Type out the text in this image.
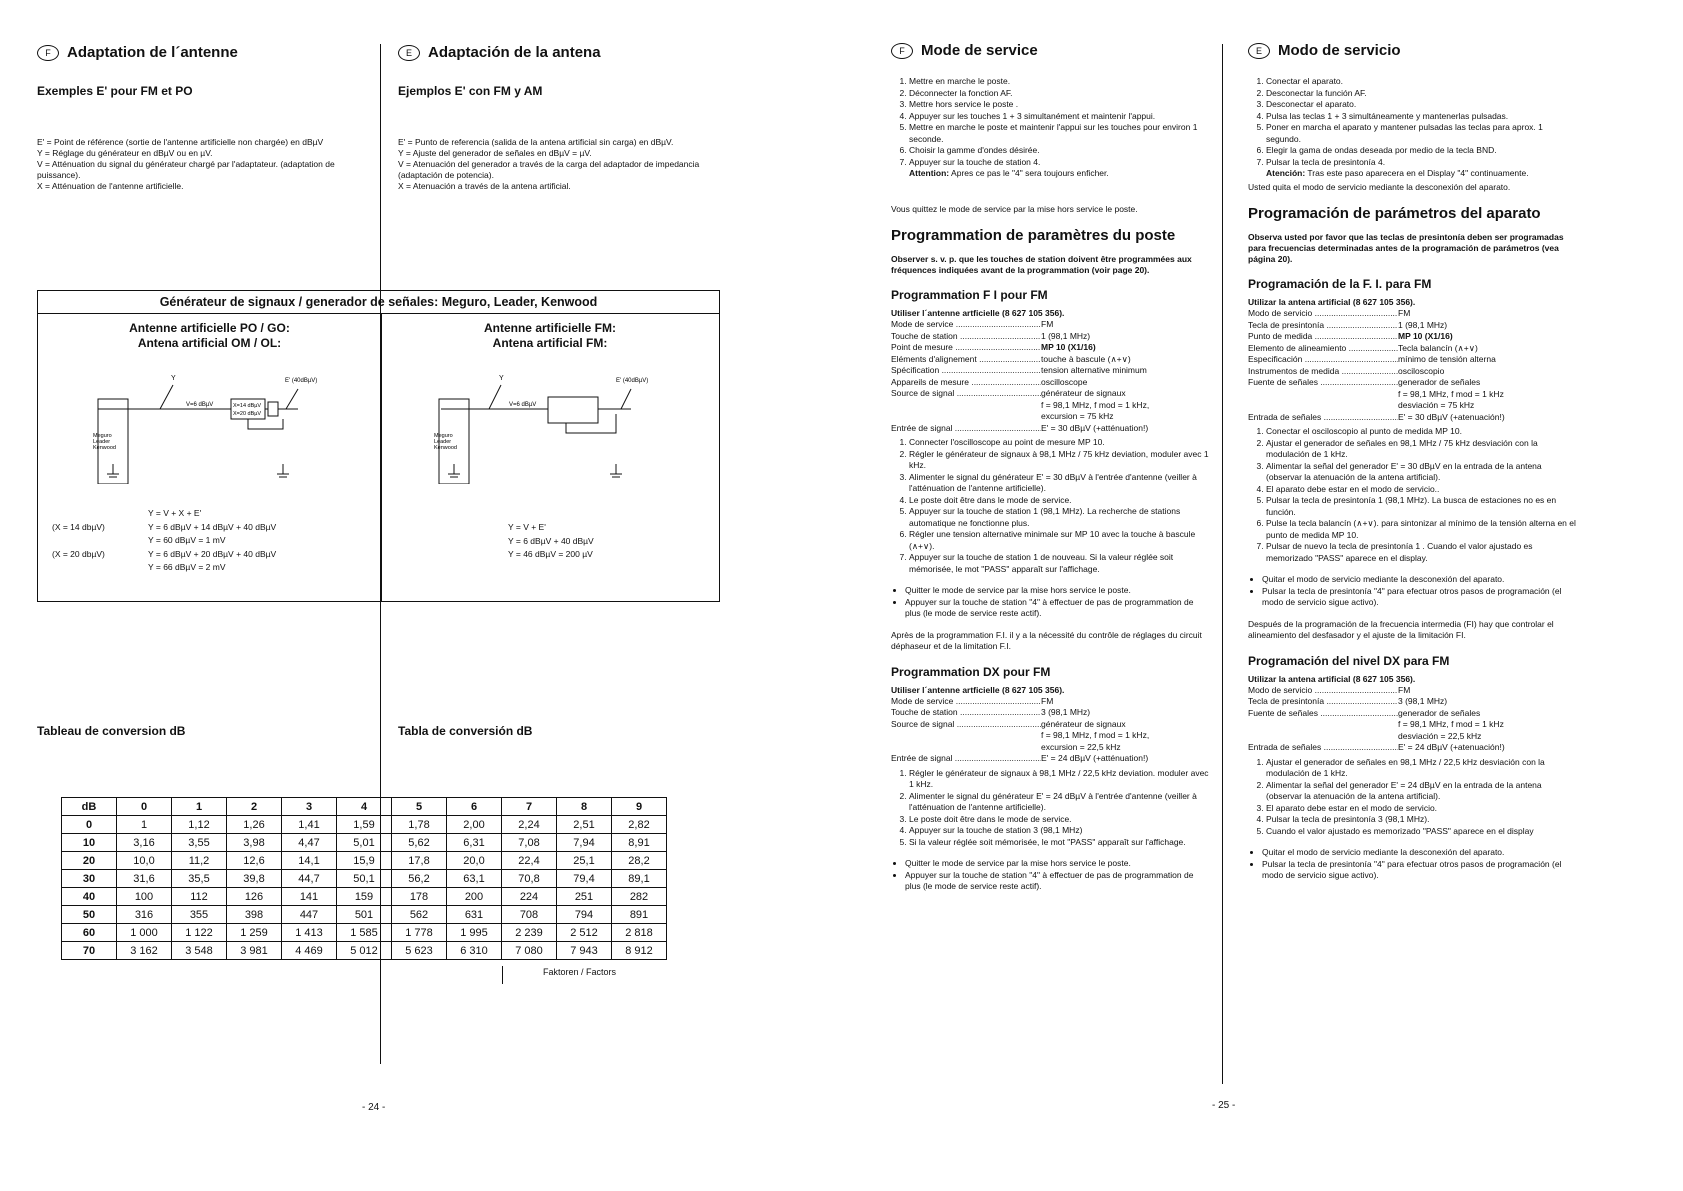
F	Adaptation de l´antenne	E	Adaptación de la antena
Exemples E' pour FM et PO	Ejemplos E' con FM y AM

E' = Point de référence (sortie de l'antenne artificielle non chargée) en dBµV

Y = Réglage du générateur en dBµV ou en µV.

V = Atténuation du signal du générateur chargé par l'adaptateur. (adaptation de puissance).

X = Atténuation de l'antenne artificielle.

E' = Punto de referencia (salida de la antena artificial sin carga) en dBµV.

Y = Ajuste del generador de señales en dBµV = µV.

V = Atenuación del generador a través de la carga del adaptador de impedancia (adaptación de potencia).

X = Atenuación a través de la antena artificial.

Générateur de signaux / generador de señales: Meguro, Leader, Kenwood
Antenne artificielle PO / GO:
Antena artificial OM / OL:
Antenne artificielle FM:
Antena artificial FM:
Y
V=6 dBµV	X=14 dBµV
X=20 dBµV
E' (40dBµV)
Meguro
Leader
Kenwood
Y
V=6 dBµV
E' (40dBµV)
Meguro
Leader
Kenwood
Y = V + X + E'
(X = 14 dbµV)	Y = 6 dBµV + 14 dBµV + 40 dBµV
Y = 60 dBµV = 1 mV
(X = 20 dbµV)	Y = 6 dBµV + 20 dBµV + 40 dBµV
Y = 66 dBµV = 2 mV
Y = V + E'
Y = 6 dBµV + 40 dBµV
Y = 46 dBµV = 200 µV
Tableau de conversion dB	Tabla de conversión dB
dB	0	1	2	3	4	5	6	7	8	9
0	1	1,12	1,26	1,41	1,59	1,78	2,00	2,24	2,51	2,82
10	3,16	3,55	3,98	4,47	5,01	5,62	6,31	7,08	7,94	8,91
20	10,0	11,2	12,6	14,1	15,9	17,8	20,0	22,4	25,1	28,2
30	31,6	35,5	39,8	44,7	50,1	56,2	63,1	70,8	79,4	89,1
40	100	112	126	141	159	178	200	224	251	282
50	316	355	398	447	501	562	631	708	794	891
60	1 000	1 122	1 259	1 413	1 585	1 778	1 995	2 239	2 512	2 818
70	3 162	3 548	3 981	4 469	5 012	5 623	6 310	7 080	7 943	8 912
Faktoren / Factors
- 24 -
F	Mode de service	E	Modo de servicio
1. Mettre en marche le poste.
2. Déconnecter la fonction AF.
3. Mettre hors service le poste .
4. Appuyer sur les touches 1 + 3 simultanément et maintenir l'appui.
5. Mettre en marche le poste et maintenir l'appui sur les touches pour environ 1 seconde.
6. Choisir la gamme d'ondes désirée.
7. Appuyer sur la touche de station 4.
Attention: Apres ce pas le "4" sera toujours enficher.
Vous quittez le mode de service par la mise hors service le poste.
Programmation de paramètres du poste
Observer s. v. p. que les touches de station doivent être programmées aux fréquences indiquées avant de la programmation (voir page 20).
Programmation F I pour FM
Utiliser l´antenne artficielle (8 627 105 356).
Mode de service .....	FM
Touche de station .....	1 (98,1 MHz)
Point de mesure .....	MP 10 (X1/16)
Eléments d'alignement .....	touche à bascule (∧+∨)
Spécification .....	tension alternative minimum
Appareils de mesure .....	oscilloscope
Source de signal .....	générateur de signaux
f = 98,1 MHz, f mod = 1 kHz,
excursion = 75 kHz
Entrée de signal .....	E' = 30 dBµV (+atténuation!)
1. Connecter l'oscilloscope au point de mesure MP 10.
2. Régler le générateur de signaux à 98,1 MHz / 75 kHz deviation, moduler avec 1 kHz.
3. Alimenter le signal du générateur E' = 30 dBµV à l'entrée d'antenne (veiller à l'atténuation de l'antenne artificielle).
4. Le poste doit être dans le mode de service.
5. Appuyer sur la touche de station 1 (98,1 MHz). La recherche de stations automatique ne fonctionne plus.
6. Régler une tension alternative minimale sur MP 10 avec la touche à bascule (∧+∨).
7. Appuyer sur la touche de station 1 de nouveau. Si la valeur réglée soit mémorisée, le mot "PASS" apparaît sur l'affichage.
• Quitter le mode de service par la mise hors service le poste.
• Appuyer sur la touche de station "4" à effectuer de pas de programmation de plus (le mode de service reste actif).
Après de la programmation F.I. il y a la nécessité du contrôle de réglages du circuit déphaseur et de la limitation F.I.
Programmation DX pour FM
Utiliser l´antenne artficielle (8 627 105 356).
Mode de service .....	FM
Touche de station .....	3 (98,1 MHz)
Source de signal .....	générateur de signaux
f = 98,1 MHz, f mod = 1 kHz,
excursion = 22,5 kHz
Entrée de signal .....	E' = 24 dBµV (+atténuation!)
1. Régler le générateur de signaux à 98,1 MHz / 22,5 kHz deviation. moduler avec 1 kHz.
2. Alimenter le signal du générateur E' = 24 dBµV à l'entrée d'antenne (veiller à l'atténuation de l'antenne artificielle).
3. Le poste doit être dans le mode de service.
4. Appuyer sur la touche de station 3 (98,1 MHz)
5. Si la valeur réglée soit mémorisée, le mot "PASS" apparaît sur l'affichage.
• Quitter le mode de service par la mise hors service le poste.
• Appuyer sur la touche de station "4" à effectuer de pas de programmation de plus (le mode de service reste actif).
1. Conectar el aparato.
2. Desconectar la función AF.
3. Desconectar el aparato.
4. Pulsa las teclas 1 + 3 simultáneamente y mantenerlas pulsadas.
5. Poner en marcha el aparato y mantener pulsadas las teclas para aprox. 1 segundo.
6. Elegir la gama de ondas deseada por medio de la tecla BND.
7. Pulsar la tecla de presintonía 4.
Atención: Tras este paso aparecera en el Display "4" continuamente.
Usted quita el modo de servicio mediante la desconexión del aparato.
Programación de parámetros del aparato
Observa usted por favor que las teclas de presintonía deben ser programadas para frecuencias determinadas antes de la programación de parámetros (vea página 20).
Programación de la F. I. para FM
Utilizar la antena artificial (8 627 105 356).
Modo de servicio .....	FM
Tecla de presintonía .....	1 (98,1 MHz)
Punto de medida .....	MP 10 (X1/16)
Elemento de alineamiento .....	Tecla balancín (∧+∨)
Especificación .....	mínimo de tensión alterna
Instrumentos de medida .....	osciloscopio
Fuente de señales .....	generador de señales
f = 98,1 MHz, f mod = 1 kHz
desviación = 75 kHz
Entrada de señales .....	E' = 30 dBµV (+atenuación!)
1. Conectar el osciloscopio al punto de medida MP 10.
2. Ajustar el generador de señales en 98,1 MHz / 75 kHz desviación con la modulación de 1 kHz.
3. Alimentar la señal del generador E' = 30 dBµV en la entrada de la antena (observar la atenuación de la antena artificial).
4. El aparato debe estar en el modo de servicio..
5. Pulsar la tecla de presintonía 1 (98,1 MHz). La busca de estaciones no es en función.
6. Pulse la tecla balancín (∧+∨). para sintonizar al mínimo de la tensión alterna en el punto de medida MP 10.
7. Pulsar de nuevo la tecla de presintonía 1 . Cuando el valor ajustado es memorizado "PASS" aparece en el display.
• Quitar el modo de servicio mediante la desconexión del aparato.
• Pulsar la tecla de presintonía "4" para efectuar otros pasos de programación (el modo de servicio sigue activo).
Después de la programación de la frecuencia intermedia (FI) hay que controlar el alineamiento del desfasador y el ajuste de la limitación FI.
Programación del nivel DX para FM
Utilizar la antena artificial (8 627 105 356).
Modo de servicio .....	FM
Tecla de presintonía .....	3 (98,1 MHz)
Fuente de señales .....	generador de señales
f = 98,1 MHz, f mod = 1 kHz
desviación = 22,5 kHz
Entrada de señales .....	E' = 24 dBµV (+atenuación!)
1. Ajustar el generador de señales en 98,1 MHz / 22,5 kHz desviación con la modulación de 1 kHz.
2. Alimentar la señal del generador E' = 24 dBµV en la entrada de la antena (observar la atenuación de la antena artificial).
3. El aparato debe estar en el modo de servicio.
4. Pulsar la tecla de presintonía 3 (98,1 MHz).
5. Cuando el valor ajustado es memorizado "PASS" aparece en el display
• Quitar el modo de servicio mediante la desconexión del aparato.
• Pulsar la tecla de presintonía "4" para efectuar otros pasos de programación (el modo de servicio sigue activo).
- 25 -
